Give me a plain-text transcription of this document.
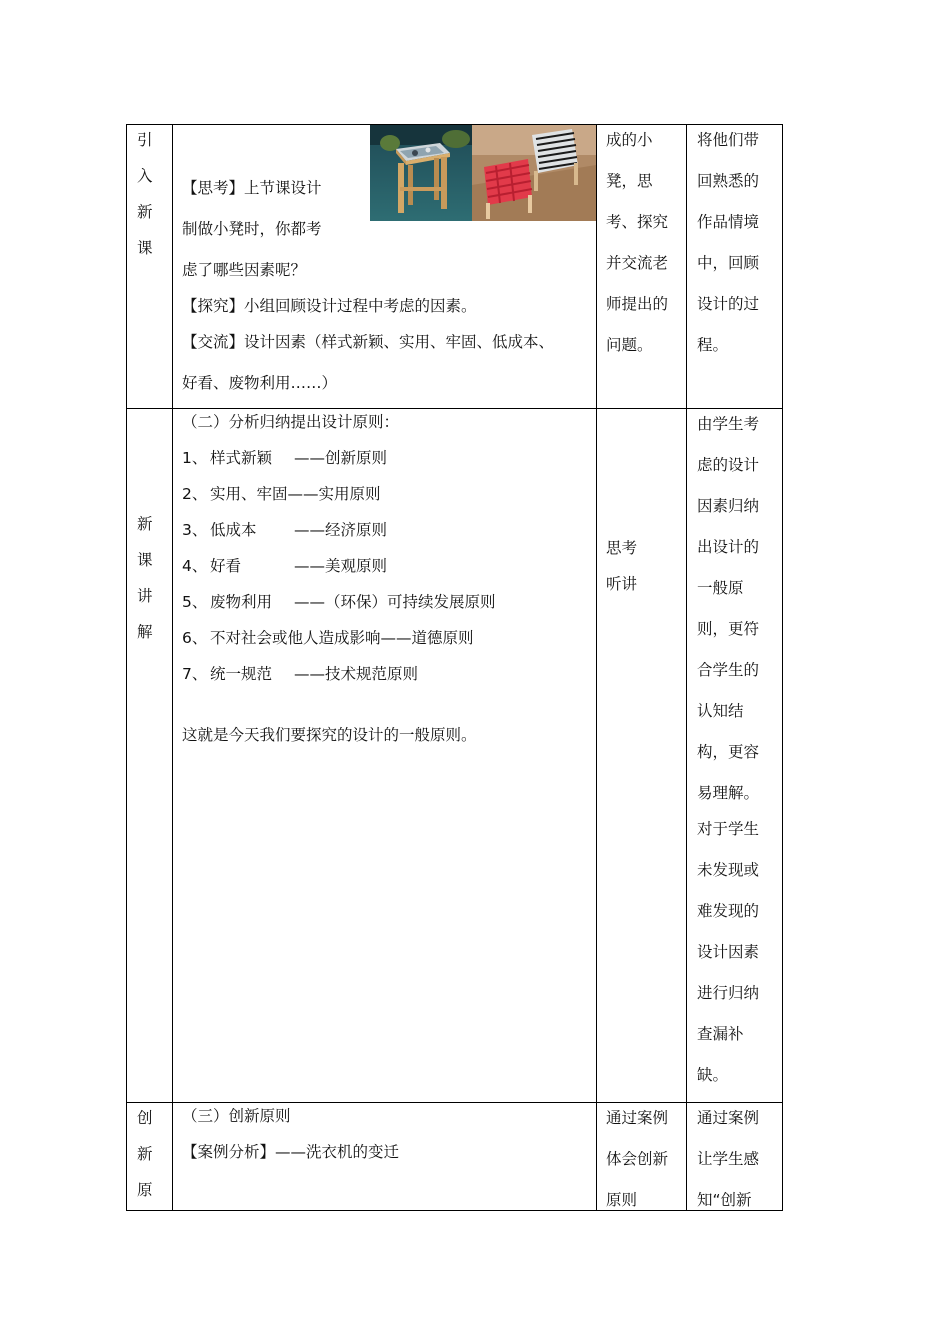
引
入
新
课
【思考】上节课设计
制做小凳时，你都考
虑了哪些因素呢？
【探究】小组回顾设计过程中考虑的因素。
【交流】设计因素（样式新颖、实用、牢固、低成本、
好看、废物利用……）
成的小
凳，思
考、探究
并交流老
师提出的
问题。
将他们带
回熟悉的
作品情境
中，回顾
设计的过
程。
新
课
讲
解
（二）分析归纳提出设计原则：
1、 样式新颖 ——创新原则
2、 实用、牢固——实用原则
3、 低成本 ——经济原则
4、 好看	——美观原则
5、 废物利用 ——（环保）可持续发展原则
6、 不对社会或他人造成影响——道德原则
7、 统一规范 ——技术规范原则
这就是今天我们要探究的设计的一般原则。
思考
听讲
由学生考
虑的设计
因素归纳
出设计的
一般原
则，更符
合学生的
认知结
构，更容
易理解。
对于学生
未发现或
难发现的
设计因素
进行归纳
查漏补
缺。
创
新
原
（三）创新原则
【案例分析】——洗衣机的变迁
通过案例
体会创新
原则
通过案例
让学生感
知“创新
